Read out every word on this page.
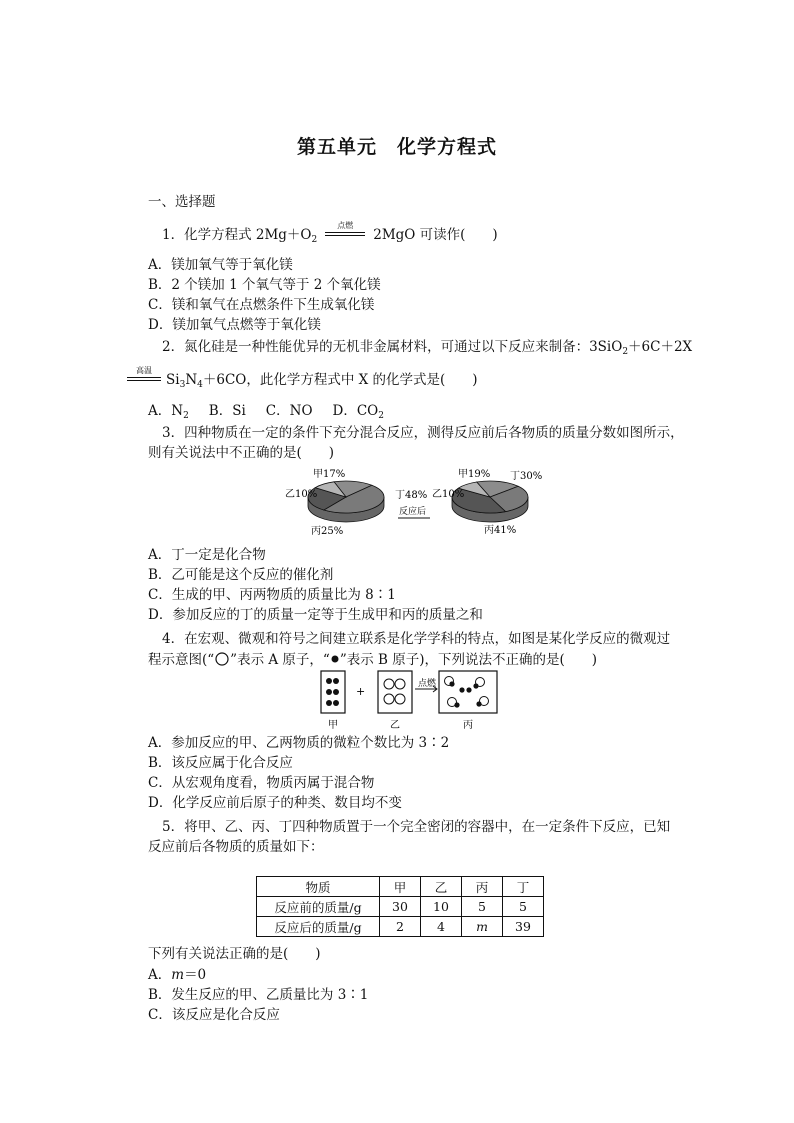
第五单元　化学方程式
一、选择题
1．化学方程式 $2Mg+O_2$
点燃
2MgO 可读作(　　)
A．镁加氧气等于氧化镁
B．2 个镁加 1 个氧气等于 2 个氧化镁
C．镁和氧气在点燃条件下生成氧化镁
D．镁加氧气点燃等于氧化镁
2．氮化硅是一种性能优异的无机非金属材料，可通过以下反应来制备：3SiO$_2$＋6C＋2X
高温
$Si_3N_4+6CO$，此化学方程式中 X 的化学式是(　　)
A．$N_2$ B．Si C．NO D．$CO_2$
3．四种物质在一定的条件下充分混合反应，测得反应前后各物质的质量分数如图所示，
则有关说法中不正确的是(　　)
乙10%
甲17%
丁48%
丙25%
反应后
乙10%
甲19% 丁30%
丙41%
A．丁一定是化合物
B．乙可能是这个反应的催化剂
C．生成的甲、丙两物质的质量比为 8∶1
D．参加反应的丁的质量一定等于生成甲和丙的质量之和
4．在宏观、微观和符号之间建立联系是化学学科的特点，如图是某化学反应的微观过
程示意图(“ ”表示 A 原子，“ ”表示 B 原子)，下列说法不正确的是(　　)
+
点燃
甲	乙	丙
A．参加反应的甲、乙两物质的微粒个数比为 3∶2
B．该反应属于化合反应
C．从宏观角度看，物质丙属于混合物
D．化学反应前后原子的种类、数目均不变
5．将甲、乙、丙、丁四种物质置于一个完全密闭的容器中，在一定条件下反应，已知
反应前后各物质的质量如下：
物质	甲	乙	丙	丁
反应前的质量/g	30	10	5	5
反应后的质量/g	2	4	m	39
下列有关说法正确的是(　　)
A．m＝0
B．发生反应的甲、乙质量比为 3∶1
C．该反应是化合反应
